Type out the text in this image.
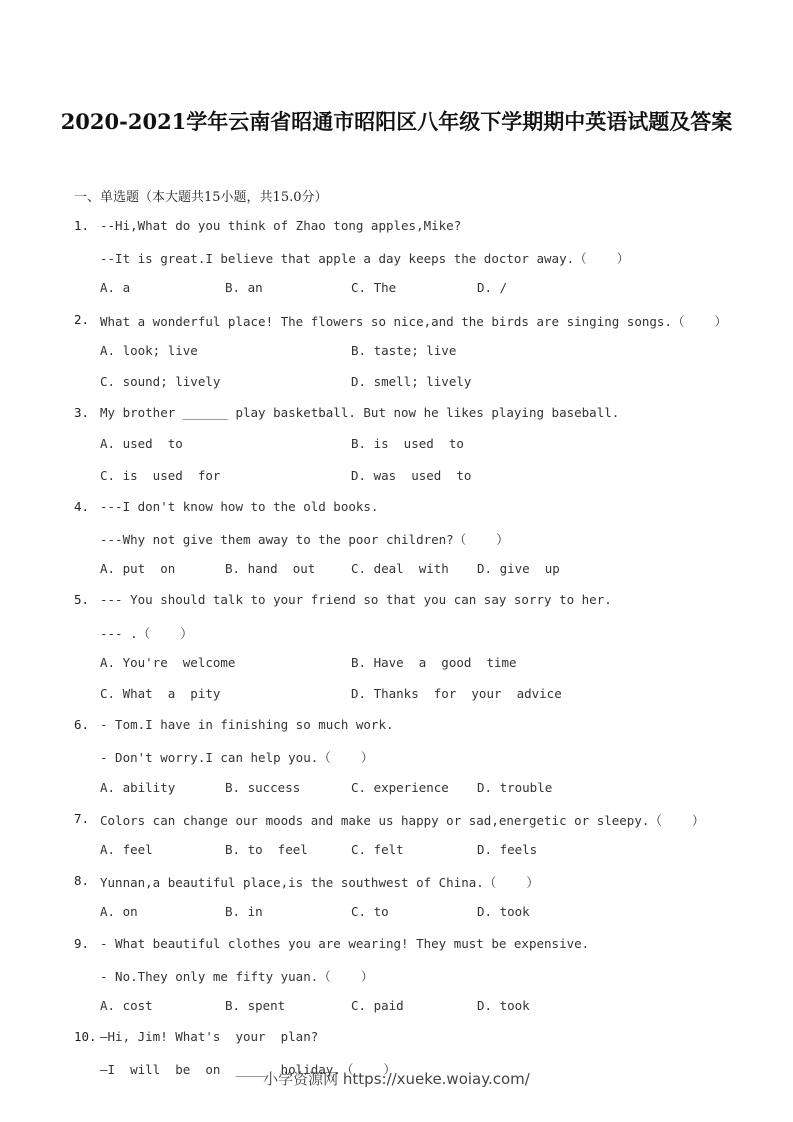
2020-2021学年云南省昭通市昭阳区八年级下学期期中英语试题及答案
一、单选题（本大题共15小题，共15.0分）
1. --Hi,What do you think of Zhao tong apples,Mike?
--It is great.I believe that apple a day keeps the doctor away.（    ）
A. a	B. an	C. The	D. /
2. What a wonderful place! The flowers so nice,and the birds are singing songs.（    ）
A. look; live	B. taste; live
C. sound; lively	D. smell; lively
3. My brother ______ play basketball. But now he likes playing baseball.
A. used  to	B. is  used  to
C. is  used  for	D. was  used  to
4. ---I don't know how to the old books.
---Why not give them away to the poor children?（    ）
A. put  on	B. hand  out	C. deal  with D. give  up
5. --- You should talk to your friend so that you can say sorry to her.
--- .（    ）
A. You're  welcome	B. Have  a  good  time
C. What  a  pity	D. Thanks  for  your  advice
6. - Tom.I have in finishing so much work.
- Don't worry.I can help you.（    ）
A. ability	B. success	C. experience D. trouble
7. Colors can change our moods and make us happy or sad,energetic or sleepy.（    ）
A. feel	B. to  feel	C. felt	D. feels
8. Yunnan,a beautiful place,is the southwest of China.（    ）
A. on	B. in	C. to	D. took
9. - What beautiful clothes you are wearing! They must be expensive.
- No.They only me fifty yuan.（    ）
A. cost	B. spent	C. paid	D. took
10. —Hi, Jim! What's  your  plan?
—I  will  be  on  ____  holiday.（    ）
小学资源网 https://xueke.woiay.com/
